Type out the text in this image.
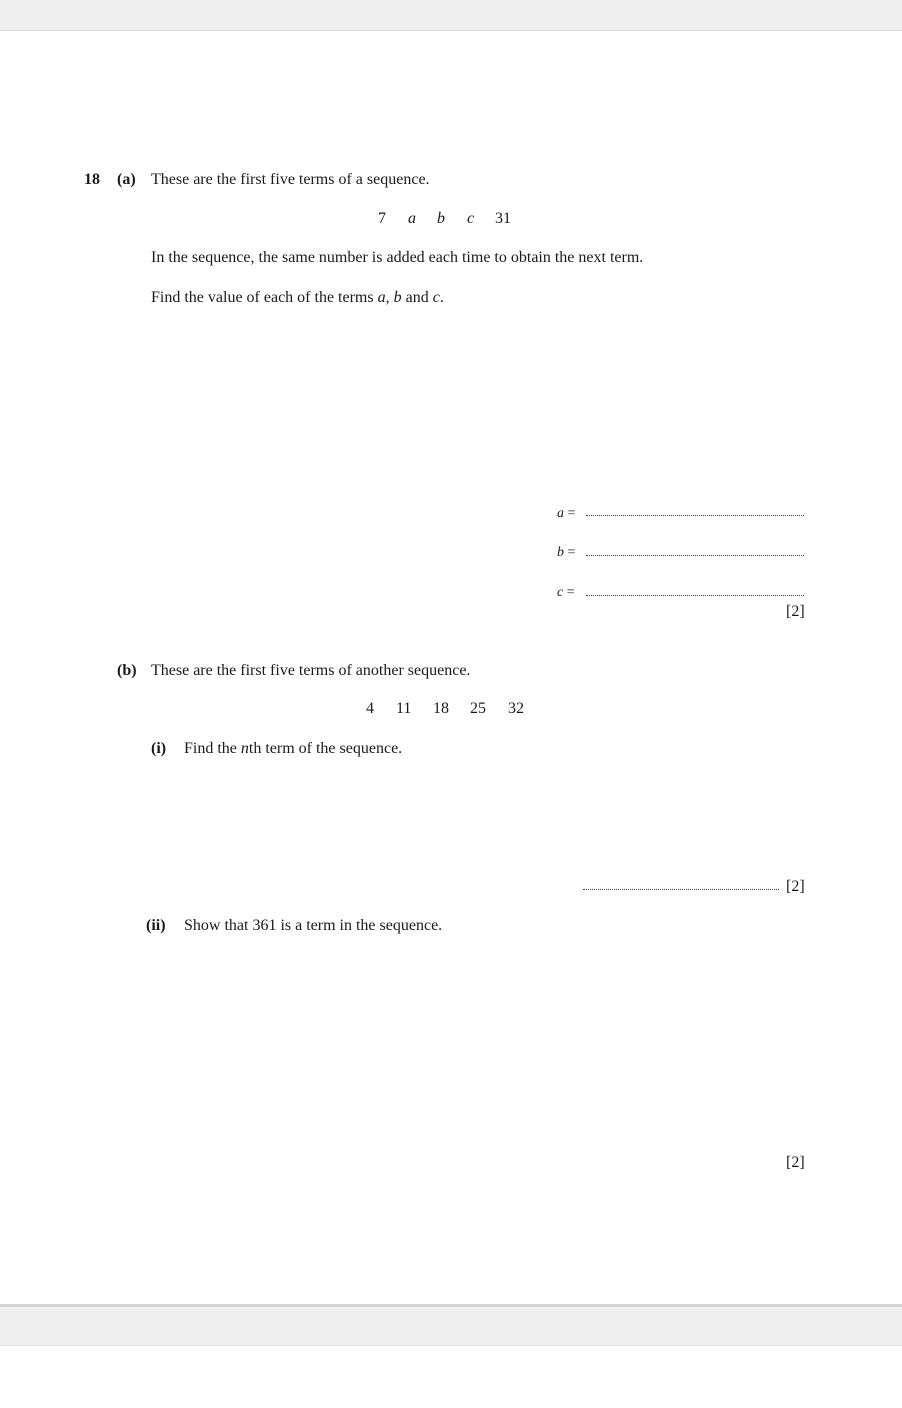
18 (a) These are the first five terms of a sequence.
7 a b c 31
In the sequence, the same number is added each time to obtain the next term.
Find the value of each of the terms a, b and c.
a =
b =
c =
[2]
(b) These are the first five terms of another sequence.
4 11 18 25 32
(i) Find the nth term of the sequence.
[2]
(ii) Show that 361 is a term in the sequence.
[2]
